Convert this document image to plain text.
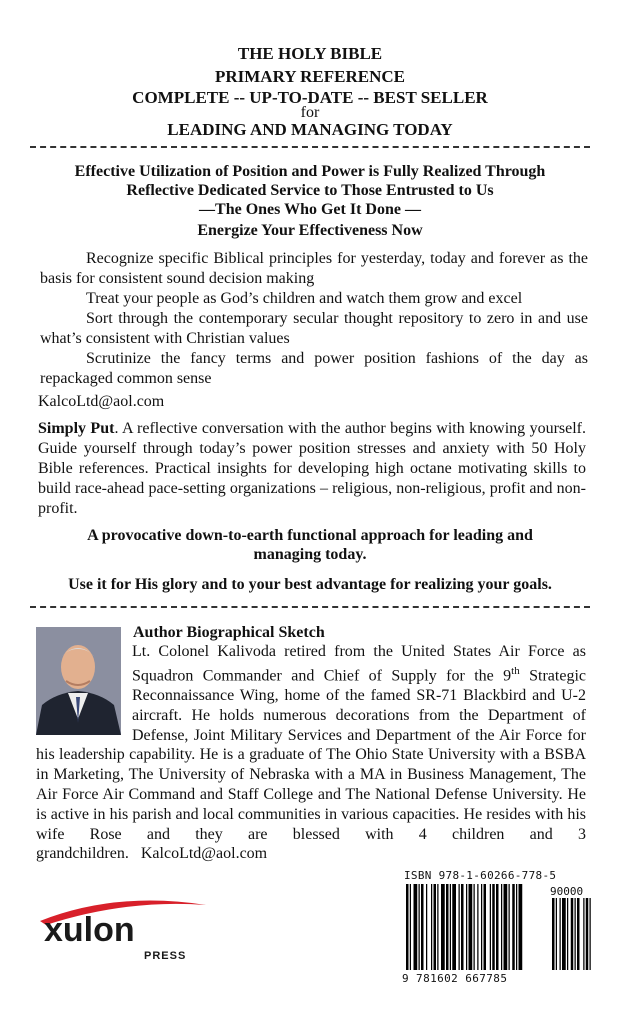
THE HOLY BIBLE
PRIMARY REFERENCE
COMPLETE -- UP-TO-DATE -- BEST SELLER
for
LEADING AND MANAGING TODAY
Effective Utilization of Position and Power is Fully Realized Through
Reflective Dedicated Service to Those Entrusted to Us
—The Ones Who Get It Done —
Energize Your Effectiveness Now
Recognize specific Biblical principles for yesterday, today and forever as the basis for consistent sound decision making
Treat your people as God’s children and watch them grow and excel
Sort through the contemporary secular thought repository to zero in and use what’s consistent with Christian values
Scrutinize the fancy terms and power position fashions of the day as repackaged common sense
KalcoLtd@aol.com
Simply Put. A reflective conversation with the author begins with knowing yourself. Guide yourself through today’s power position stresses and anxiety with 50 Holy Bible references. Practical insights for developing high octane motivating skills to build race-ahead pace-setting organizations – religious, non-religious, profit and non-profit.
A provocative down-to-earth functional approach for leading and managing today.
Use it for His glory and to your best advantage for realizing your goals.
Author Biographical Sketch
Lt. Colonel Kalivoda retired from the United States Air Force as Squadron Commander and Chief of Supply for the 9th Strategic Reconnaissance Wing, home of the famed SR-71 Blackbird and U-2 aircraft. He holds numerous decorations from the Department of Defense, Joint Military Services and Department of the Air Force for his leadership capability. He is a graduate of The Ohio State University with a BSBA in Marketing, The University of Nebraska with a MA in Business Management, The Air Force Air Command and Staff College and The National Defense University. He is active in his parish and local communities in various capacities. He resides with his wife Rose and they are blessed with 4 children and 3 grandchildren. KalcoLtd@aol.com
xulon
PRESS
ISBN 978-1-60266-778-5
90000
9 781602 667785
